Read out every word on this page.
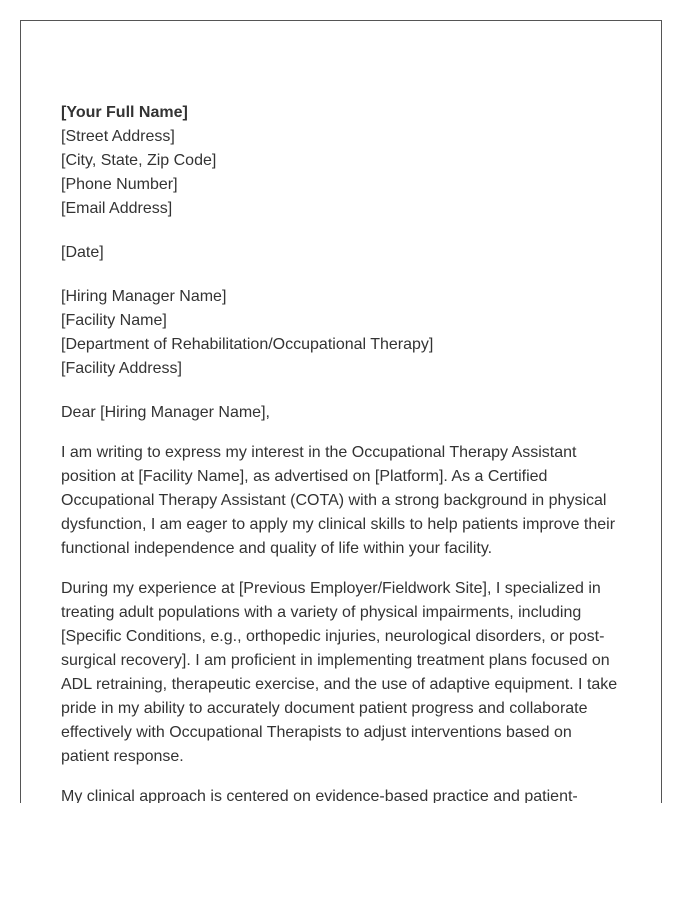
[Your Full Name]
[Street Address]
[City, State, Zip Code]
[Phone Number]
[Email Address]
[Date]
[Hiring Manager Name]
[Facility Name]
[Department of Rehabilitation/Occupational Therapy]
[Facility Address]
Dear [Hiring Manager Name],

I am writing to express my interest in the Occupational Therapy Assistant position at [Facility Name], as advertised on [Platform]. As a Certified Occupational Therapy Assistant (COTA) with a strong background in physical dysfunction, I am eager to apply my clinical skills to help patients improve their functional independence and quality of life within your facility.

During my experience at [Previous Employer/Fieldwork Site], I specialized in treating adult populations with a variety of physical impairments, including [Specific Conditions, e.g., orthopedic injuries, neurological disorders, or post-surgical recovery]. I am proficient in implementing treatment plans focused on ADL retraining, therapeutic exercise, and the use of adaptive equipment. I take pride in my ability to accurately document patient progress and collaborate effectively with Occupational Therapists to adjust interventions based on patient response.

My clinical approach is centered on evidence-based practice and patient-
